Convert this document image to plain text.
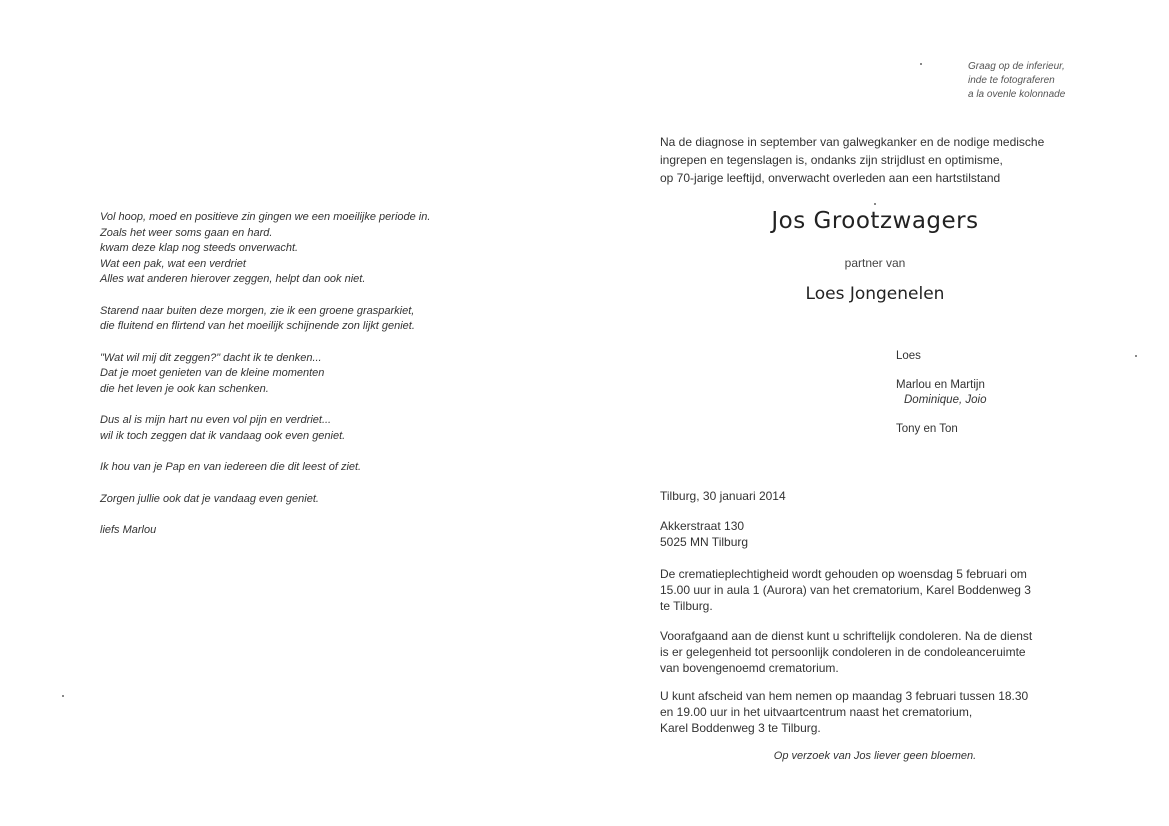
Graag op de inferieur,
inde te fotograferen
a la ovenle kolonnade
Vol hoop, moed en positieve zin gingen we een moeilijke periode in.
Zoals het weer soms gaan en hard.
kwam deze klap nog steeds onverwacht.
Wat een pak, wat een verdriet
Alles wat anderen hierover zeggen, helpt dan ook niet.
Starend naar buiten deze morgen, zie ik een groene grasparkiet,
die fluitend en flirtend van het moeilijk schijnende zon lijkt geniet.
"Wat wil mij dit zeggen?" dacht ik te denken...
Dat je moet genieten van de kleine momenten
die het leven je ook kan schenken.
Dus al is mijn hart nu even vol pijn en verdriet...
wil ik toch zeggen dat ik vandaag ook even geniet.
Ik hou van je Pap en van iedereen die dit leest of ziet.
Zorgen jullie ook dat je vandaag even geniet.
liefs Marlou
Na de diagnose in september van galwegkanker en de nodige medische
ingrepen en tegenslagen is, ondanks zijn strijdlust en optimisme,
op 70-jarige leeftijd, onverwacht overleden aan een hartstilstand
Jos Grootzwagers
partner van
Loes Jongenelen
Loes
Marlou en Martijn
Dominique, Joio
Tony en Ton
Tilburg, 30 januari 2014
Akkerstraat 130
5025 MN Tilburg
De crematieplechtigheid wordt gehouden op woensdag 5 februari om
15.00 uur in aula 1 (Aurora) van het crematorium, Karel Boddenweg 3
te Tilburg.
Voorafgaand aan de dienst kunt u schriftelijk condoleren. Na de dienst
is er gelegenheid tot persoonlijk condoleren in de condoleanceruimte
van bovengenoemd crematorium.
U kunt afscheid van hem nemen op maandag 3 februari tussen 18.30
en 19.00 uur in het uitvaartcentrum naast het crematorium,
Karel Boddenweg 3 te Tilburg.
Op verzoek van Jos liever geen bloemen.
